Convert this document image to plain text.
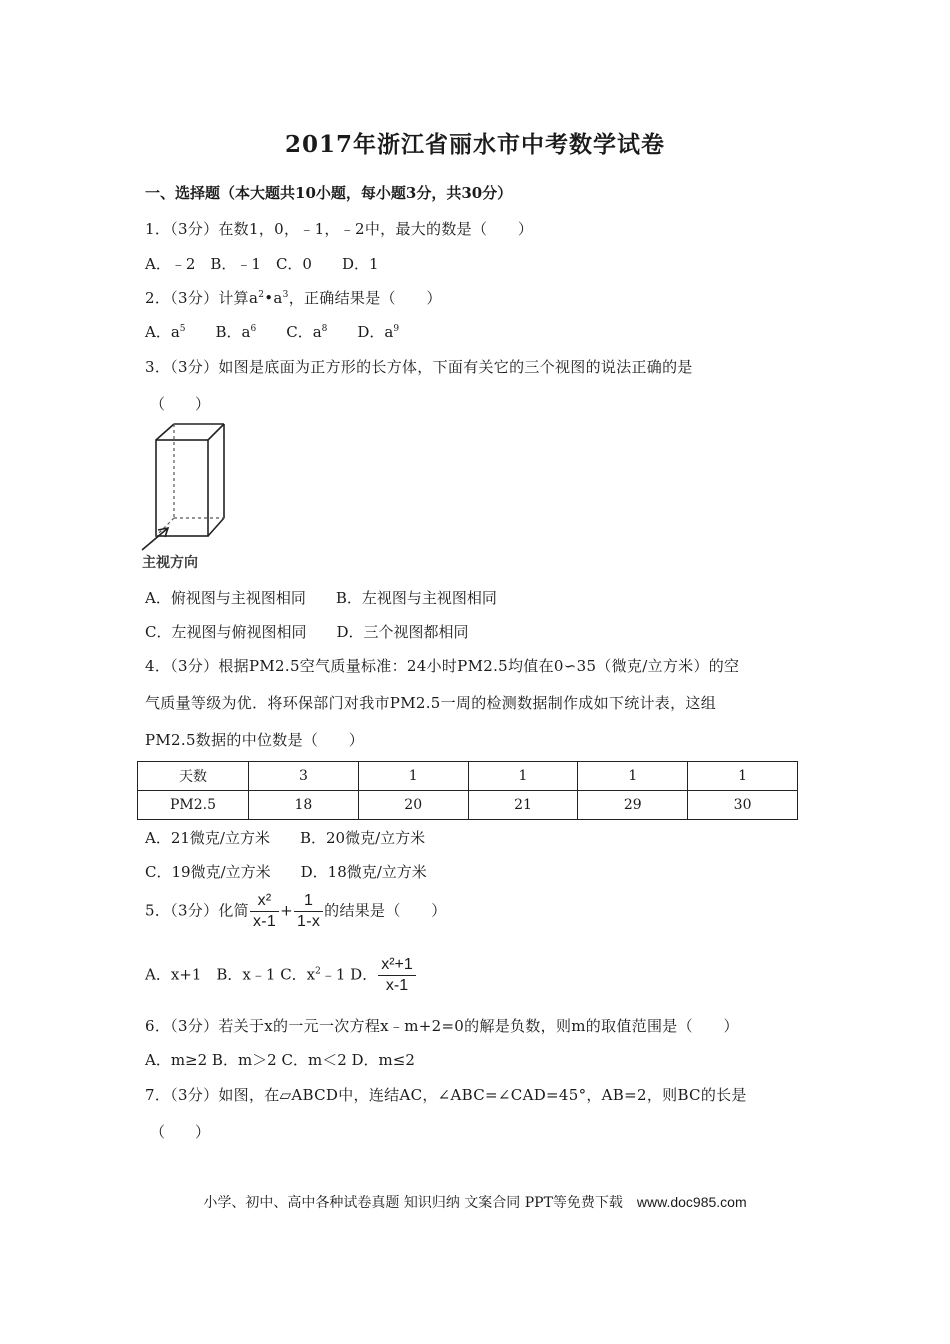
2017年浙江省丽水市中考数学试卷
一、选择题（本大题共10小题，每小题3分，共30分）
1．（3分）在数1，0，﹣1，﹣2中，最大的数是（　　）
A．﹣2　B．﹣1　C．0　　D．1
2．（3分）计算$a^2•a^3$，正确结果是（　　）
A．$a^5$　　B．$a^6$　　C．$a^8$　　D．$a^9$
3．（3分）如图是底面为正方形的长方体，下面有关它的三个视图的说法正确的是
（　　）
主视方向
A．俯视图与主视图相同　　B．左视图与主视图相同
C．左视图与俯视图相同　　D．三个视图都相同
4．（3分）根据PM2.5空气质量标准：24小时PM2.5均值在0∽35（微克/立方米）的空
气质量等级为优．将环保部门对我市PM2.5一周的检测数据制作成如下统计表，这组
PM2.5数据的中位数是（　　）
天数	3	1	1	1	1
PM2.5	18	20	21	29	30
A．21微克/立方米　　B．20微克/立方米
C．19微克/立方米　　D．18微克/立方米
5．（3分）化简 $\frac{\text{x²}}{x-1} + \frac{1}{1-x}$ 的结果是（　　）
A．x+1　B．x﹣1 C．$x^2﹣1$ D． $\frac{\text{x²+1}}{x-1}$
6．（3分）若关于x的一元一次方程x﹣m+2=0的解是负数，则m的取值范围是（　　）
A．m≥2 B．m＞2 C．m＜2 D．m≤2
7．（3分）如图，在▱ABCD中，连结AC，∠ABC=∠CAD=45°，AB=2，则BC的长是
（　　）
小学、初中、高中各种试卷真题 知识归纳 文案合同 PPT等免费下载　www.doc985.com
